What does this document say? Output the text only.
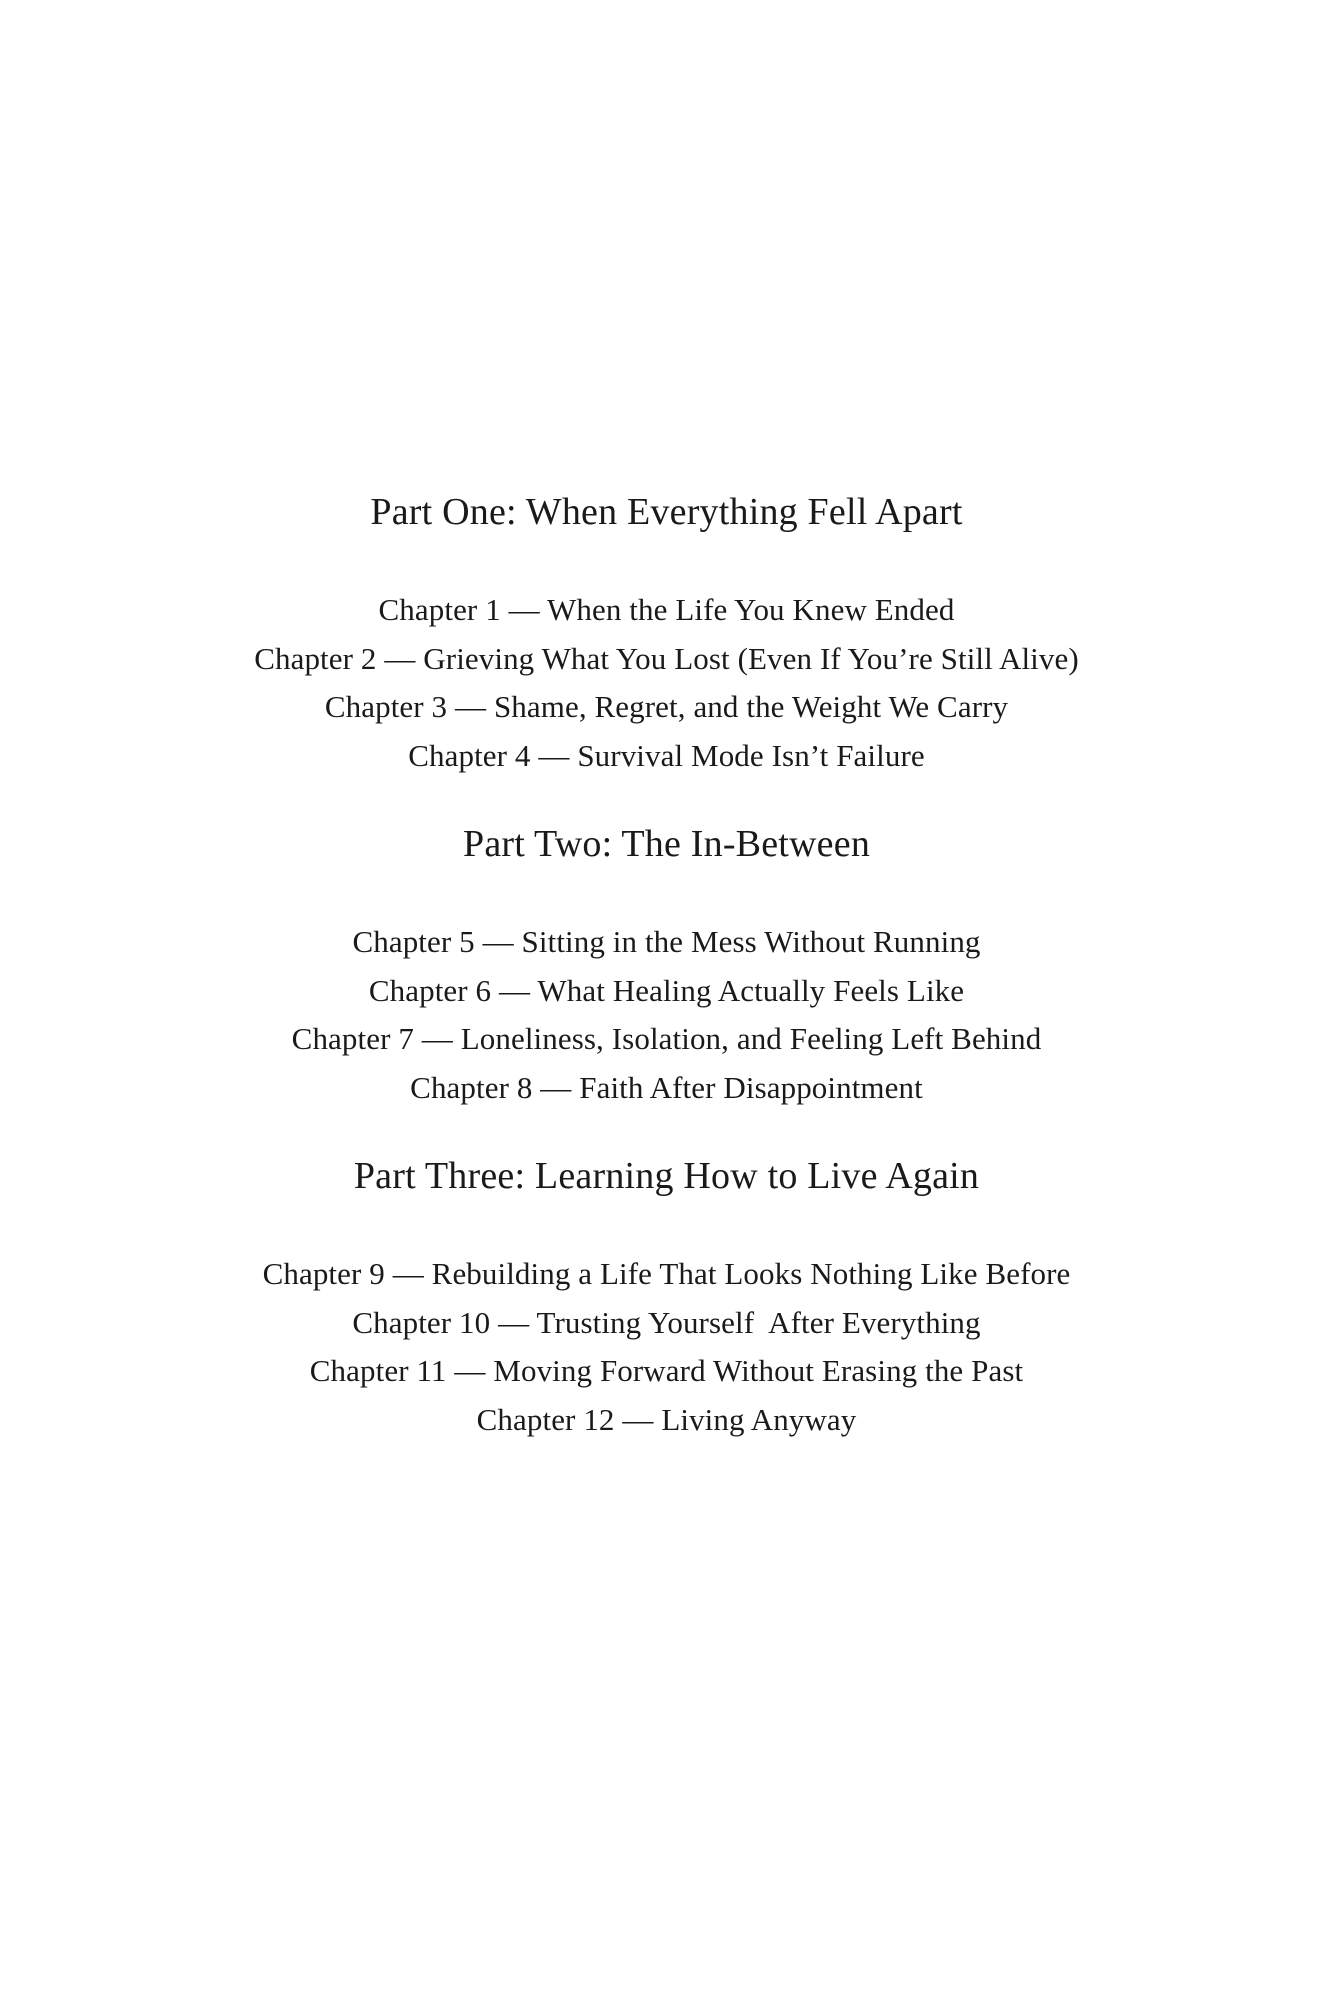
Part One: When Everything Fell Apart
Chapter 1 — When the Life You Knew Ended
Chapter 2 — Grieving What You Lost (Even If You’re Still Alive)
Chapter 3 — Shame, Regret, and the Weight We Carry
Chapter 4 — Survival Mode Isn’t Failure
Part Two: The In-Between
Chapter 5 — Sitting in the Mess Without Running
Chapter 6 — What Healing Actually Feels Like
Chapter 7 — Loneliness, Isolation, and Feeling Left Behind
Chapter 8 — Faith After Disappointment
Part Three: Learning How to Live Again
Chapter 9 — Rebuilding a Life That Looks Nothing Like Before
Chapter 10 — Trusting Yourself  After Everything
Chapter 11 — Moving Forward Without Erasing the Past
Chapter 12 — Living Anyway
